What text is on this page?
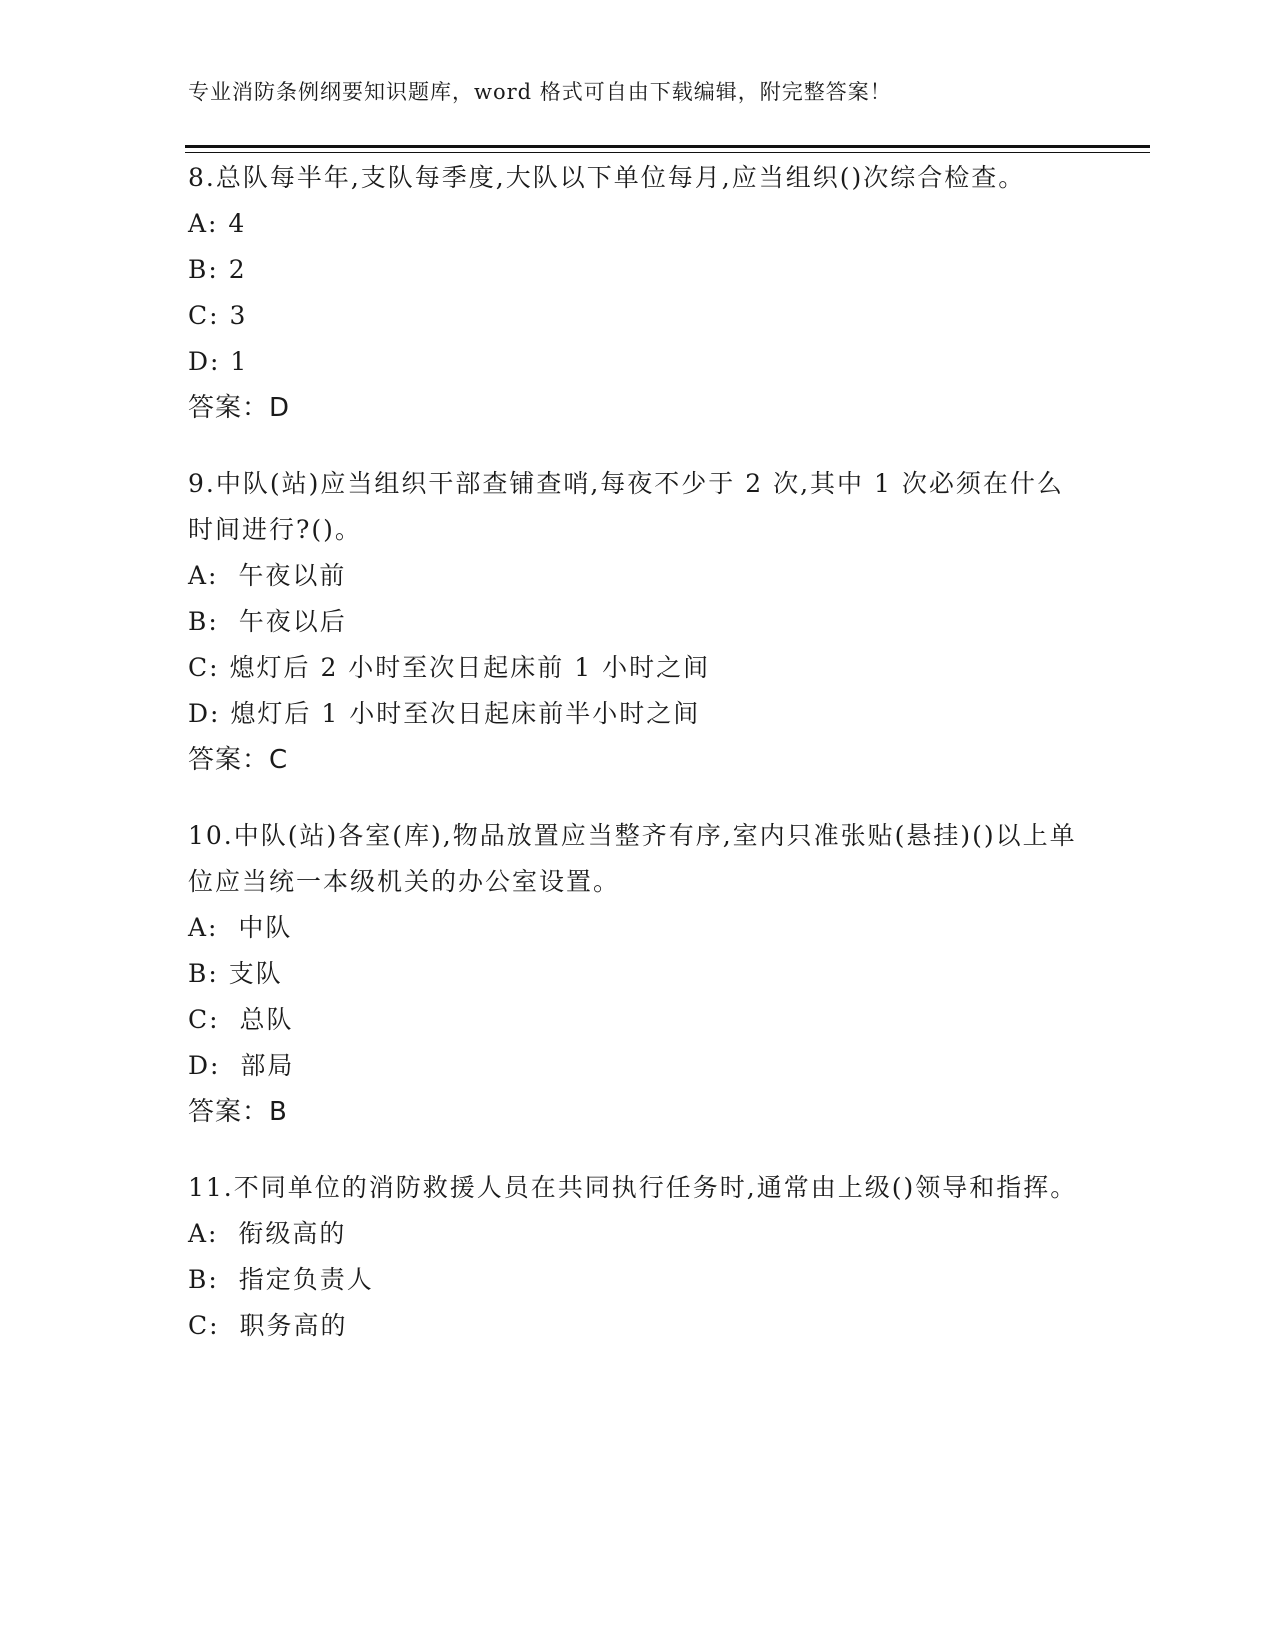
专业消防条例纲要知识题库，word 格式可自由下载编辑，附完整答案！

8.总队每半年,支队每季度,大队以下单位每月,应当组织()次综合检查。

A: 4

B: 2

C: 3

D: 1

答案：D

9.中队(站)应当组织干部查铺查哨,每夜不少于 2 次,其中 1 次必须在什么时间进行?()。

A:  午夜以前

B:  午夜以后

C: 熄灯后 2 小时至次日起床前 1 小时之间

D: 熄灯后 1 小时至次日起床前半小时之间

答案：C

10.中队(站)各室(库),物品放置应当整齐有序,室内只准张贴(悬挂)()以上单位应当统一本级机关的办公室设置。

A:  中队

B: 支队

C:  总队

D:  部局

答案：B

11.不同单位的消防救援人员在共同执行任务时,通常由上级()领导和指挥。

A:  衔级高的

B:  指定负责人

C:  职务高的
